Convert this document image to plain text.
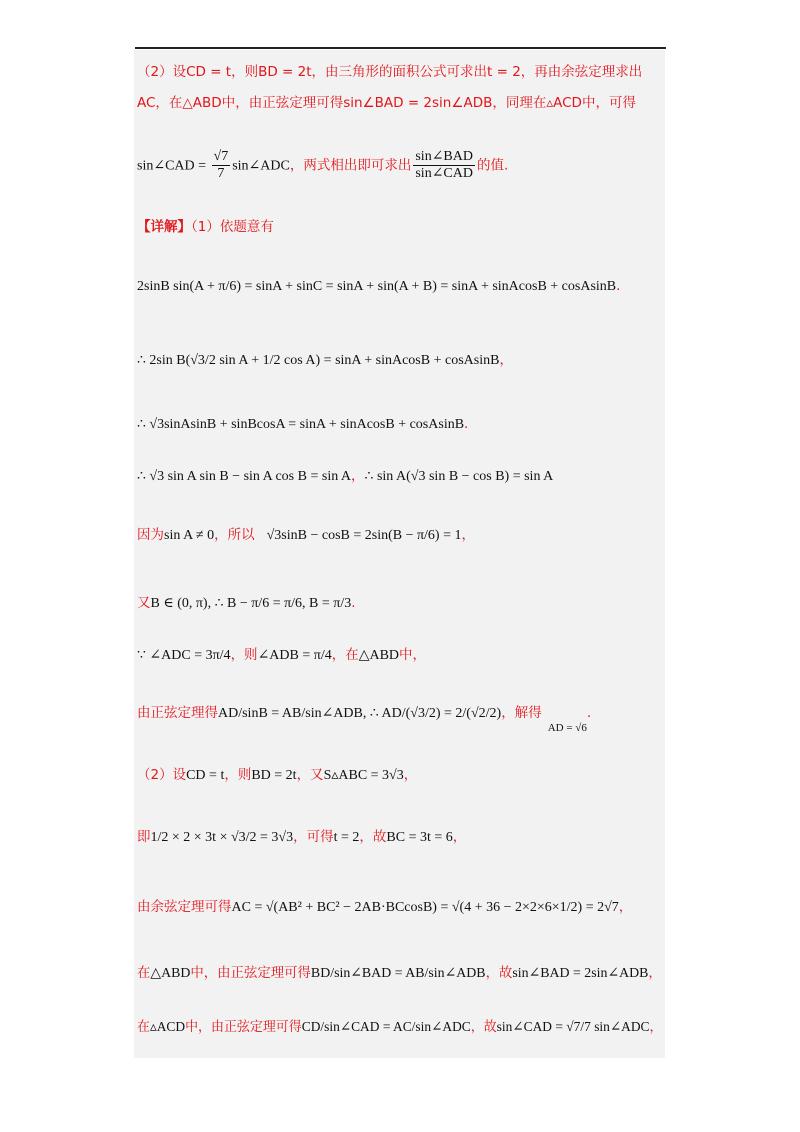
（2）设CD = t，则BD = 2t，由三角形的面积公式可求出t = 2，再由余弦定理求出
AC，在△ABD中，由正弦定理可得sin∠BAD = 2sin∠ADB，同理在▵ACD中，可得
sin∠CAD = $\frac{√7}{7}$ sin∠ADC，两式相出即可求出 $\frac{\text{sin∠BAD}}{\text{sin∠CAD}}$ 的值.
【详解】（1）依题意有
2sinB sin(A + π/6) = sinA + sinC = sinA + sin(A + B) = sinA + sinAcosB + cosAsinB.
∴ 2sin B(√3/2 sin A + 1/2 cos A) = sinA + sinAcosB + cosAsinB，
∴ √3sinAsinB + sinBcosA = sinA + sinAcosB + cosAsinB.
∴ √3 sin A sin B − sin A cos B = sin A，∴ sin A(√3 sin B − cos B) = sin A
因为sin A ≠ 0，所以 √3sinB − cosB = 2sin(B − π/6) = 1，
又B ∈ (0, π), ∴ B − π/6 = π/6, B = π/3.
∵ ∠ADC = 3π/4，则∠ADB = π/4，在△ABD中，
由正弦定理得AD/sinB = AB/sin∠ADB, ∴ AD/(√3/2) = 2/(√2/2)，解得$_{AD = √6}$.
（2）设CD = t，则BD = 2t，又S▵ABC = 3√3，
即1/2 × 2 × 3t × √3/2 = 3√3，可得t = 2，故BC = 3t = 6，
由余弦定理可得AC = √(AB² + BC² − 2AB·BCcosB) = √(4 + 36 − 2×2×6×1/2) = 2√7，
在△ABD中，由正弦定理可得BD/sin∠BAD = AB/sin∠ADB，故sin∠BAD = 2sin∠ADB，
在▵ACD中，由正弦定理可得CD/sin∠CAD = AC/sin∠ADC，故sin∠CAD = √7/7 sin∠ADC，
